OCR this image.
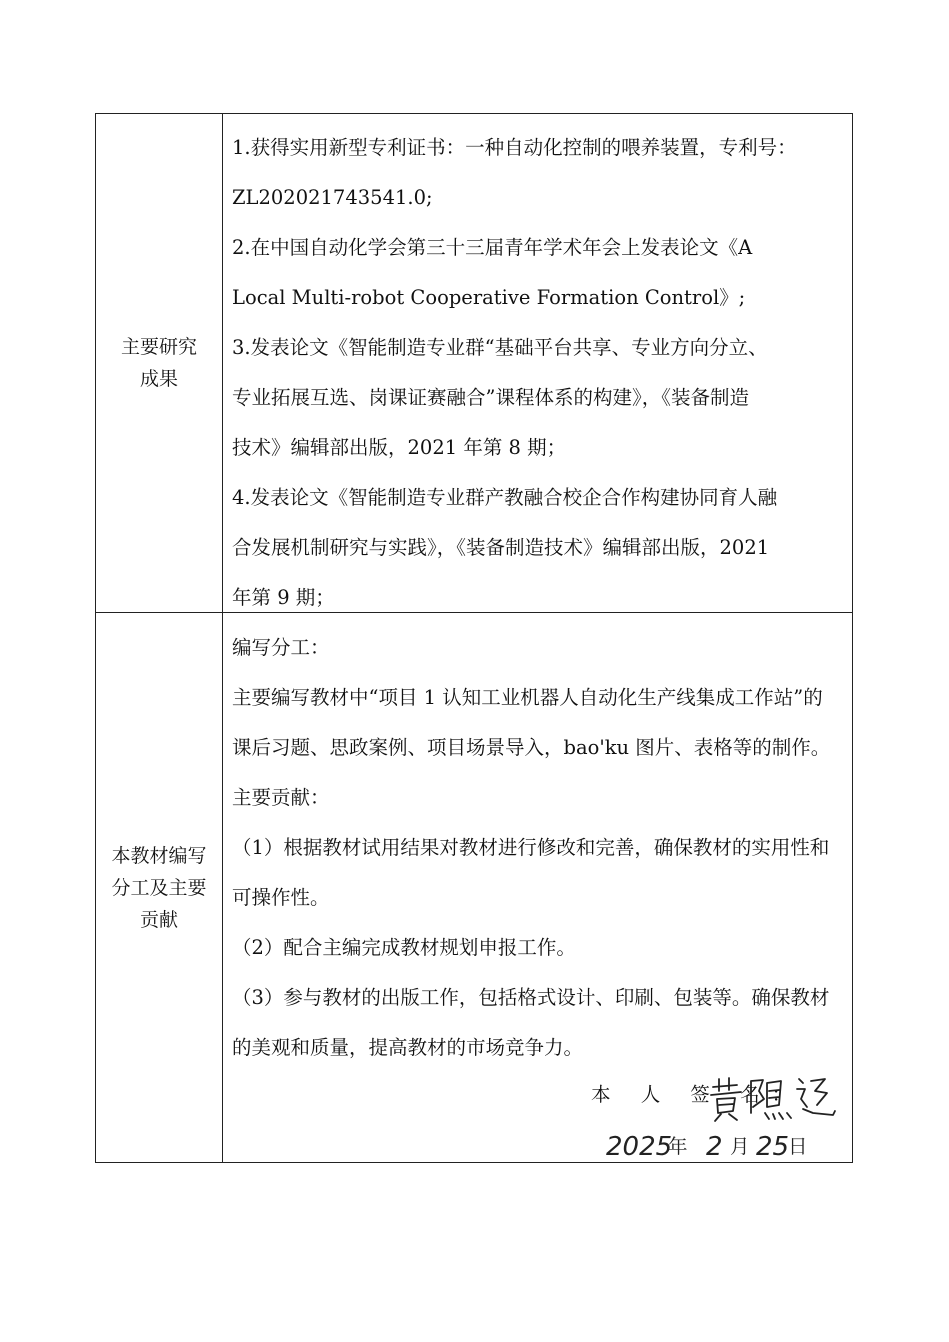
主要研究
成果

1.获得实用新型专利证书：一种自动化控制的喂养装置，专利号：

ZL202021743541.0;

2.在中国自动化学会第三十三届青年学术年会上发表论文《A

Local Multi-robot Cooperative Formation Control》;

3.发表论文《智能制造专业群“基础平台共享、专业方向分立、

专业拓展互选、岗课证赛融合”课程体系的构建》，《装备制造

技术》编辑部出版，2021 年第 8 期；

4.发表论文《智能制造专业群产教融合校企合作构建协同育人融

合发展机制研究与实践》，《装备制造技术》编辑部出版，2021

年第 9 期；

本教材编写
分工及主要
贡献

编写分工：

主要编写教材中“项目 1 认知工业机器人自动化生产线集成工作站”的

课后习题、思政案例、项目场景导入，bao'ku 图片、表格等的制作。

主要贡献：

（1）根据教材试用结果对教材进行修改和完善，确保教材的实用性和

可操作性。

（2）配合主编完成教材规划申报工作。

（3）参与教材的出版工作，包括格式设计、印刷、包装等。确保教材

的美观和质量，提高教材的市场竞争力。

本 人 签 名：
2025
年 2 月 25
日
